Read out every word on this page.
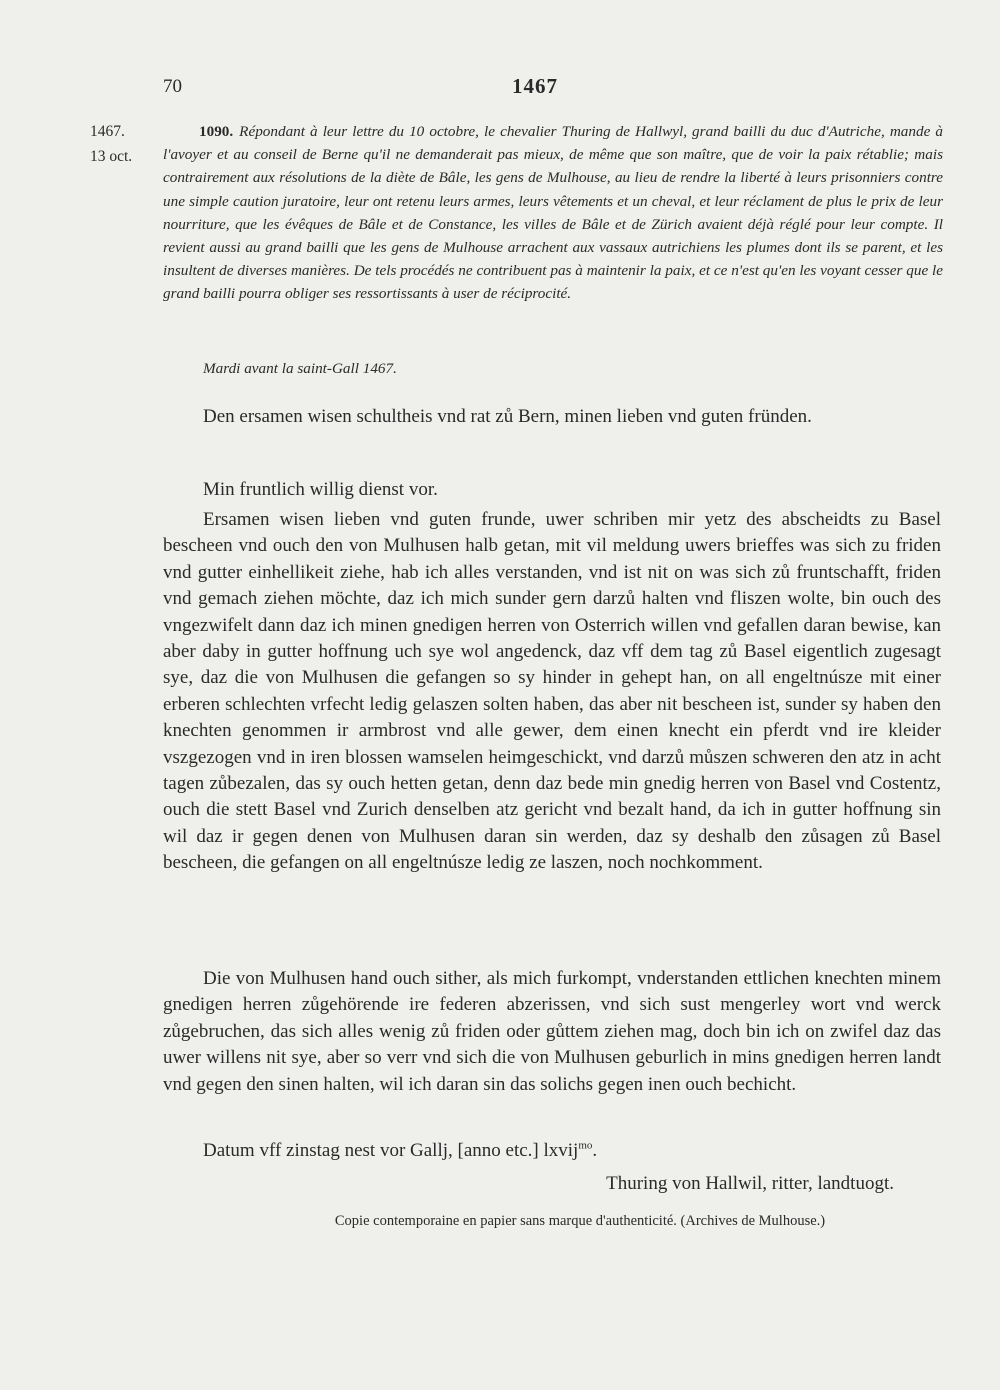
70	1467
1467.
13 oct.
1090. Répondant à leur lettre du 10 octobre, le chevalier Thuring de Hallwyl, grand bailli du duc d'Autriche, mande à l'avoyer et au conseil de Berne qu'il ne demanderait pas mieux, de même que son maître, que de voir la paix rétablie; mais contrairement aux résolutions de la diète de Bâle, les gens de Mulhouse, au lieu de rendre la liberté à leurs prisonniers contre une simple caution juratoire, leur ont retenu leurs armes, leurs vêtements et un cheval, et leur réclament de plus le prix de leur nourriture, que les évêques de Bâle et de Constance, les villes de Bâle et de Zürich avaient déjà réglé pour leur compte. Il revient aussi au grand bailli que les gens de Mulhouse arrachent aux vassaux autrichiens les plumes dont ils se parent, et les insultent de diverses manières. De tels procédés ne contribuent pas à maintenir la paix, et ce n'est qu'en les voyant cesser que le grand bailli pourra obliger ses ressortissants à user de réciprocité.
Mardi avant la saint-Gall 1467.

Den ersamen wisen schultheis vnd rat zů Bern, minen lieben vnd guten fründen.

Min fruntlich willig dienst vor.

Ersamen wisen lieben vnd guten frunde, uwer schriben mir yetz des abscheidts zu Basel bescheen vnd ouch den von Mulhusen halb getan, mit vil meldung uwers brieffes was sich zu friden vnd gutter einhellikeit ziehe, hab ich alles verstanden, vnd ist nit on was sich zů fruntschafft, friden vnd gemach ziehen möchte, daz ich mich sunder gern darzů halten vnd fliszen wolte, bin ouch des vngezwifelt dann daz ich minen gnedigen herren von Osterrich willen vnd gefallen daran bewise, kan aber daby in gutter hoffnung uch sye wol angedenck, daz vff dem tag zů Basel eigentlich zugesagt sye, daz die von Mulhusen die gefangen so sy hinder in gehept han, on all engeltnúsze mit einer erberen schlechten vrfecht ledig gelaszen solten haben, das aber nit bescheen ist, sunder sy haben den knechten genommen ir armbrost vnd alle gewer, dem einen knecht ein pferdt vnd ire kleider vszgezogen vnd in iren blossen wamselen heimgeschickt, vnd darzů můszen schweren den atz in acht tagen zůbezalen, das sy ouch hetten getan, denn daz bede min gnedig herren von Basel vnd Costentz, ouch die stett Basel vnd Zurich denselben atz gericht vnd bezalt hand, da ich in gutter hoffnung sin wil daz ir gegen denen von Mulhusen daran sin werden, daz sy deshalb den zůsagen zů Basel bescheen, die gefangen on all engeltnúsze ledig ze laszen, noch nochkomment.

Die von Mulhusen hand ouch sither, als mich furkompt, vnderstanden ettlichen knechten minem gnedigen herren zůgehörende ire federen abzerissen, vnd sich sust mengerley wort vnd werck zůgebruchen, das sich alles wenig zů friden oder gůttem ziehen mag, doch bin ich on zwifel daz das uwer willens nit sye, aber so verr vnd sich die von Mulhusen geburlich in mins gnedigen herren landt vnd gegen den sinen halten, wil ich daran sin das solichs gegen inen ouch bechicht.

Datum vff zinstag nest vor Gallj, [anno etc.] lxvij$^{mo}$.

Thuring von Hallwil, ritter, landtuogt.
Copie contemporaine en papier sans marque d'authenticité. (Archives de Mulhouse.)
